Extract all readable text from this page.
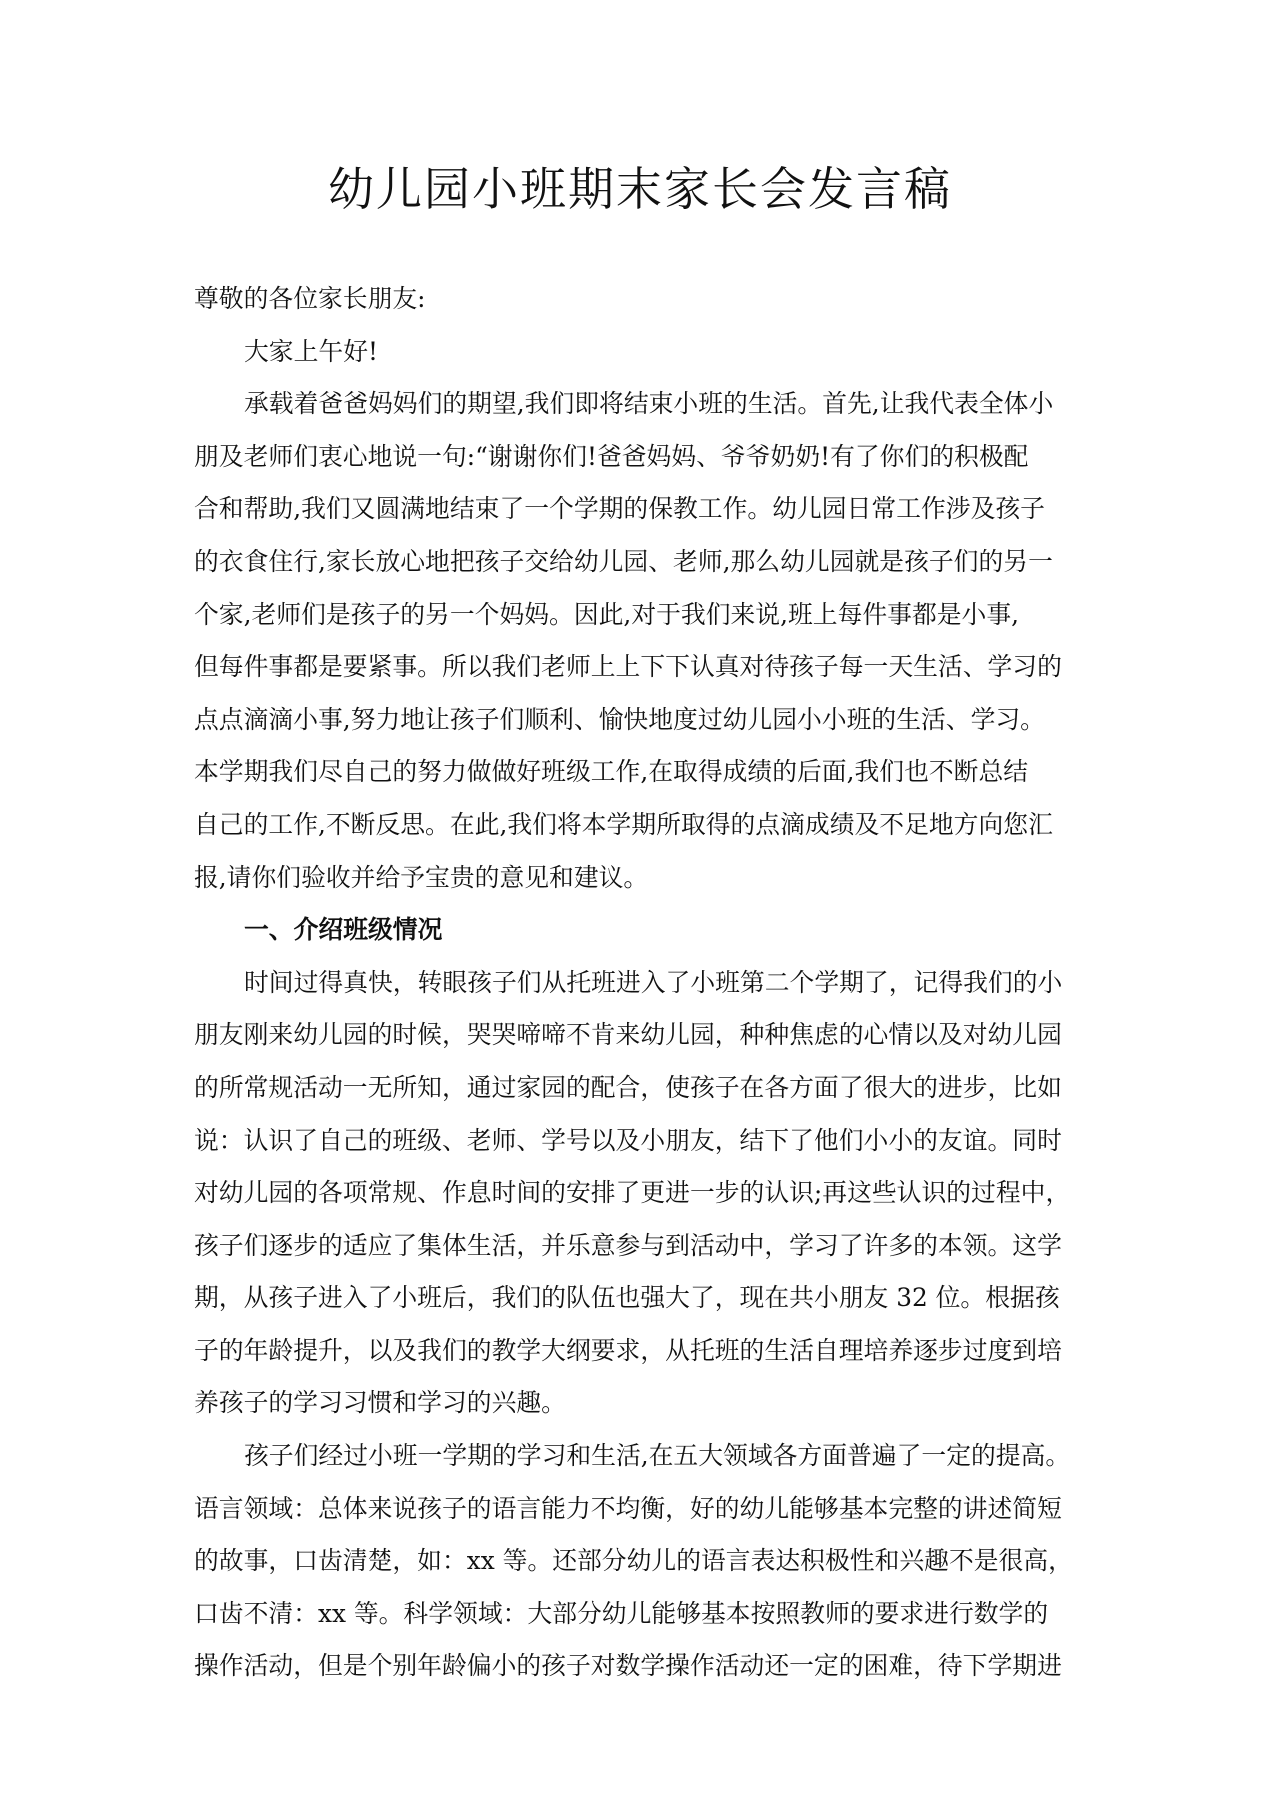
幼儿园小班期末家长会发言稿
尊敬的各位家长朋友:
大家上午好!
承载着爸爸妈妈们的期望,我们即将结束小班的生活。首先,让我代表全体小
朋及老师们衷心地说一句:“谢谢你们!爸爸妈妈、爷爷奶奶!有了你们的积极配
合和帮助,我们又圆满地结束了一个学期的保教工作。幼儿园日常工作涉及孩子
的衣食住行,家长放心地把孩子交给幼儿园、老师,那么幼儿园就是孩子们的另一
个家,老师们是孩子的另一个妈妈。因此,对于我们来说,班上每件事都是小事,
但每件事都是要紧事。所以我们老师上上下下认真对待孩子每一天生活、学习的
点点滴滴小事,努力地让孩子们顺利、愉快地度过幼儿园小小班的生活、学习。
本学期我们尽自己的努力做做好班级工作,在取得成绩的后面,我们也不断总结
自己的工作,不断反思。在此,我们将本学期所取得的点滴成绩及不足地方向您汇
报,请你们验收并给予宝贵的意见和建议。
一、介绍班级情况
时间过得真快，转眼孩子们从托班进入了小班第二个学期了，记得我们的小
朋友刚来幼儿园的时候，哭哭啼啼不肯来幼儿园，种种焦虑的心情以及对幼儿园
的所常规活动一无所知，通过家园的配合，使孩子在各方面了很大的进步，比如
说：认识了自己的班级、老师、学号以及小朋友，结下了他们小小的友谊。同时
对幼儿园的各项常规、作息时间的安排了更进一步的认识;再这些认识的过程中，
孩子们逐步的适应了集体生活，并乐意参与到活动中，学习了许多的本领。这学
期，从孩子进入了小班后，我们的队伍也强大了，现在共小朋友 32 位。根据孩
子的年龄提升，以及我们的教学大纲要求，从托班的生活自理培养逐步过度到培
养孩子的学习习惯和学习的兴趣。
孩子们经过小班一学期的学习和生活,在五大领域各方面普遍了一定的提高。
语言领域：总体来说孩子的语言能力不均衡，好的幼儿能够基本完整的讲述简短
的故事，口齿清楚，如：xx 等。还部分幼儿的语言表达积极性和兴趣不是很高，
口齿不清：xx 等。科学领域：大部分幼儿能够基本按照教师的要求进行数学的
操作活动，但是个别年龄偏小的孩子对数学操作活动还一定的困难，待下学期进
